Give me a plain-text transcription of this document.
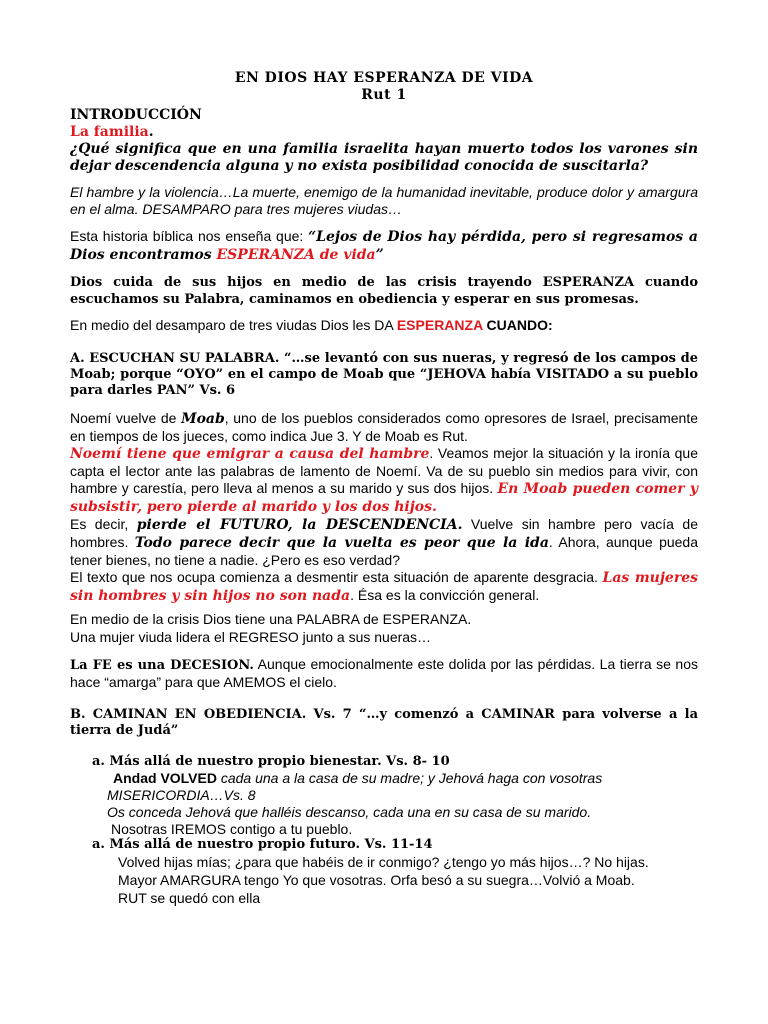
EN DIOS HAY ESPERANZA DE VIDA
Rut 1
INTRODUCCIÓN
La familia.
¿Qué significa que en una familia israelita hayan muerto todos los varones sin dejar descendencia alguna y no exista posibilidad conocida de suscitarla?

El hambre y la violencia…La muerte, enemigo de la humanidad inevitable, produce dolor y amargura en el alma. DESAMPARO para tres mujeres viudas…

Esta historia bíblica nos enseña que: “Lejos de Dios hay pérdida, pero si regresamos a Dios encontramos ESPERANZA de vida”

Dios cuida de sus hijos en medio de las crisis trayendo ESPERANZA cuando escuchamos su Palabra, caminamos en obediencia y esperar en sus promesas.

En medio del desamparo de tres viudas Dios les DA ESPERANZA CUANDO:

A. ESCUCHAN SU PALABRA. “…se levantó con sus nueras, y regresó de los campos de Moab; porque “OYO” en el campo de Moab que “JEHOVA había VISITADO a su pueblo para darles PAN” Vs. 6

Noemí vuelve de Moab, uno de los pueblos considerados como opresores de Israel, precisamente en tiempos de los jueces, como indica Jue 3. Y de Moab es Rut.

Noemí tiene que emigrar a causa del hambre. Veamos mejor la situación y la ironía que capta el lector ante las palabras de lamento de Noemí. Va de su pueblo sin medios para vivir, con hambre y carestía, pero lleva al menos a su marido y sus dos hijos. En Moab pueden comer y subsistir, pero pierde al marido y los dos hijos.

Es decir, pierde el FUTURO, la DESCENDENCIA. Vuelve sin hambre pero vacía de hombres. Todo parece decir que la vuelta es peor que la ida. Ahora, aunque pueda tener bienes, no tiene a nadie. ¿Pero es eso verdad?

El texto que nos ocupa comienza a desmentir esta situación de aparente desgracia. Las mujeres sin hombres y sin hijos no son nada. Ésa es la convicción general.

En medio de la crisis Dios tiene una PALABRA de ESPERANZA.
Una mujer viuda lidera el REGRESO junto a sus nueras…

La FE es una DECESION. Aunque emocionalmente este dolida por las pérdidas. La tierra se nos hace “amarga” para que AMEMOS el cielo.

B. CAMINAN EN OBEDIENCIA. Vs. 7 “…y comenzó a CAMINAR para volverse a la tierra de Judá”

a. Más allá de nuestro propio bienestar. Vs. 8- 10
Andad VOLVED cada una a la casa de su madre; y Jehová haga con vosotras
MISERICORDIA…Vs. 8
Os conceda Jehová que halléis descanso, cada una en su casa de su marido.
Nosotras IREMOS contigo a tu pueblo.
a. Más allá de nuestro propio futuro. Vs. 11-14
Volved hijas mías; ¿para que habéis de ir conmigo? ¿tengo yo más hijos…? No hijas.
Mayor AMARGURA tengo Yo que vosotras. Orfa besó a su suegra…Volvió a Moab.
RUT se quedó con ella
